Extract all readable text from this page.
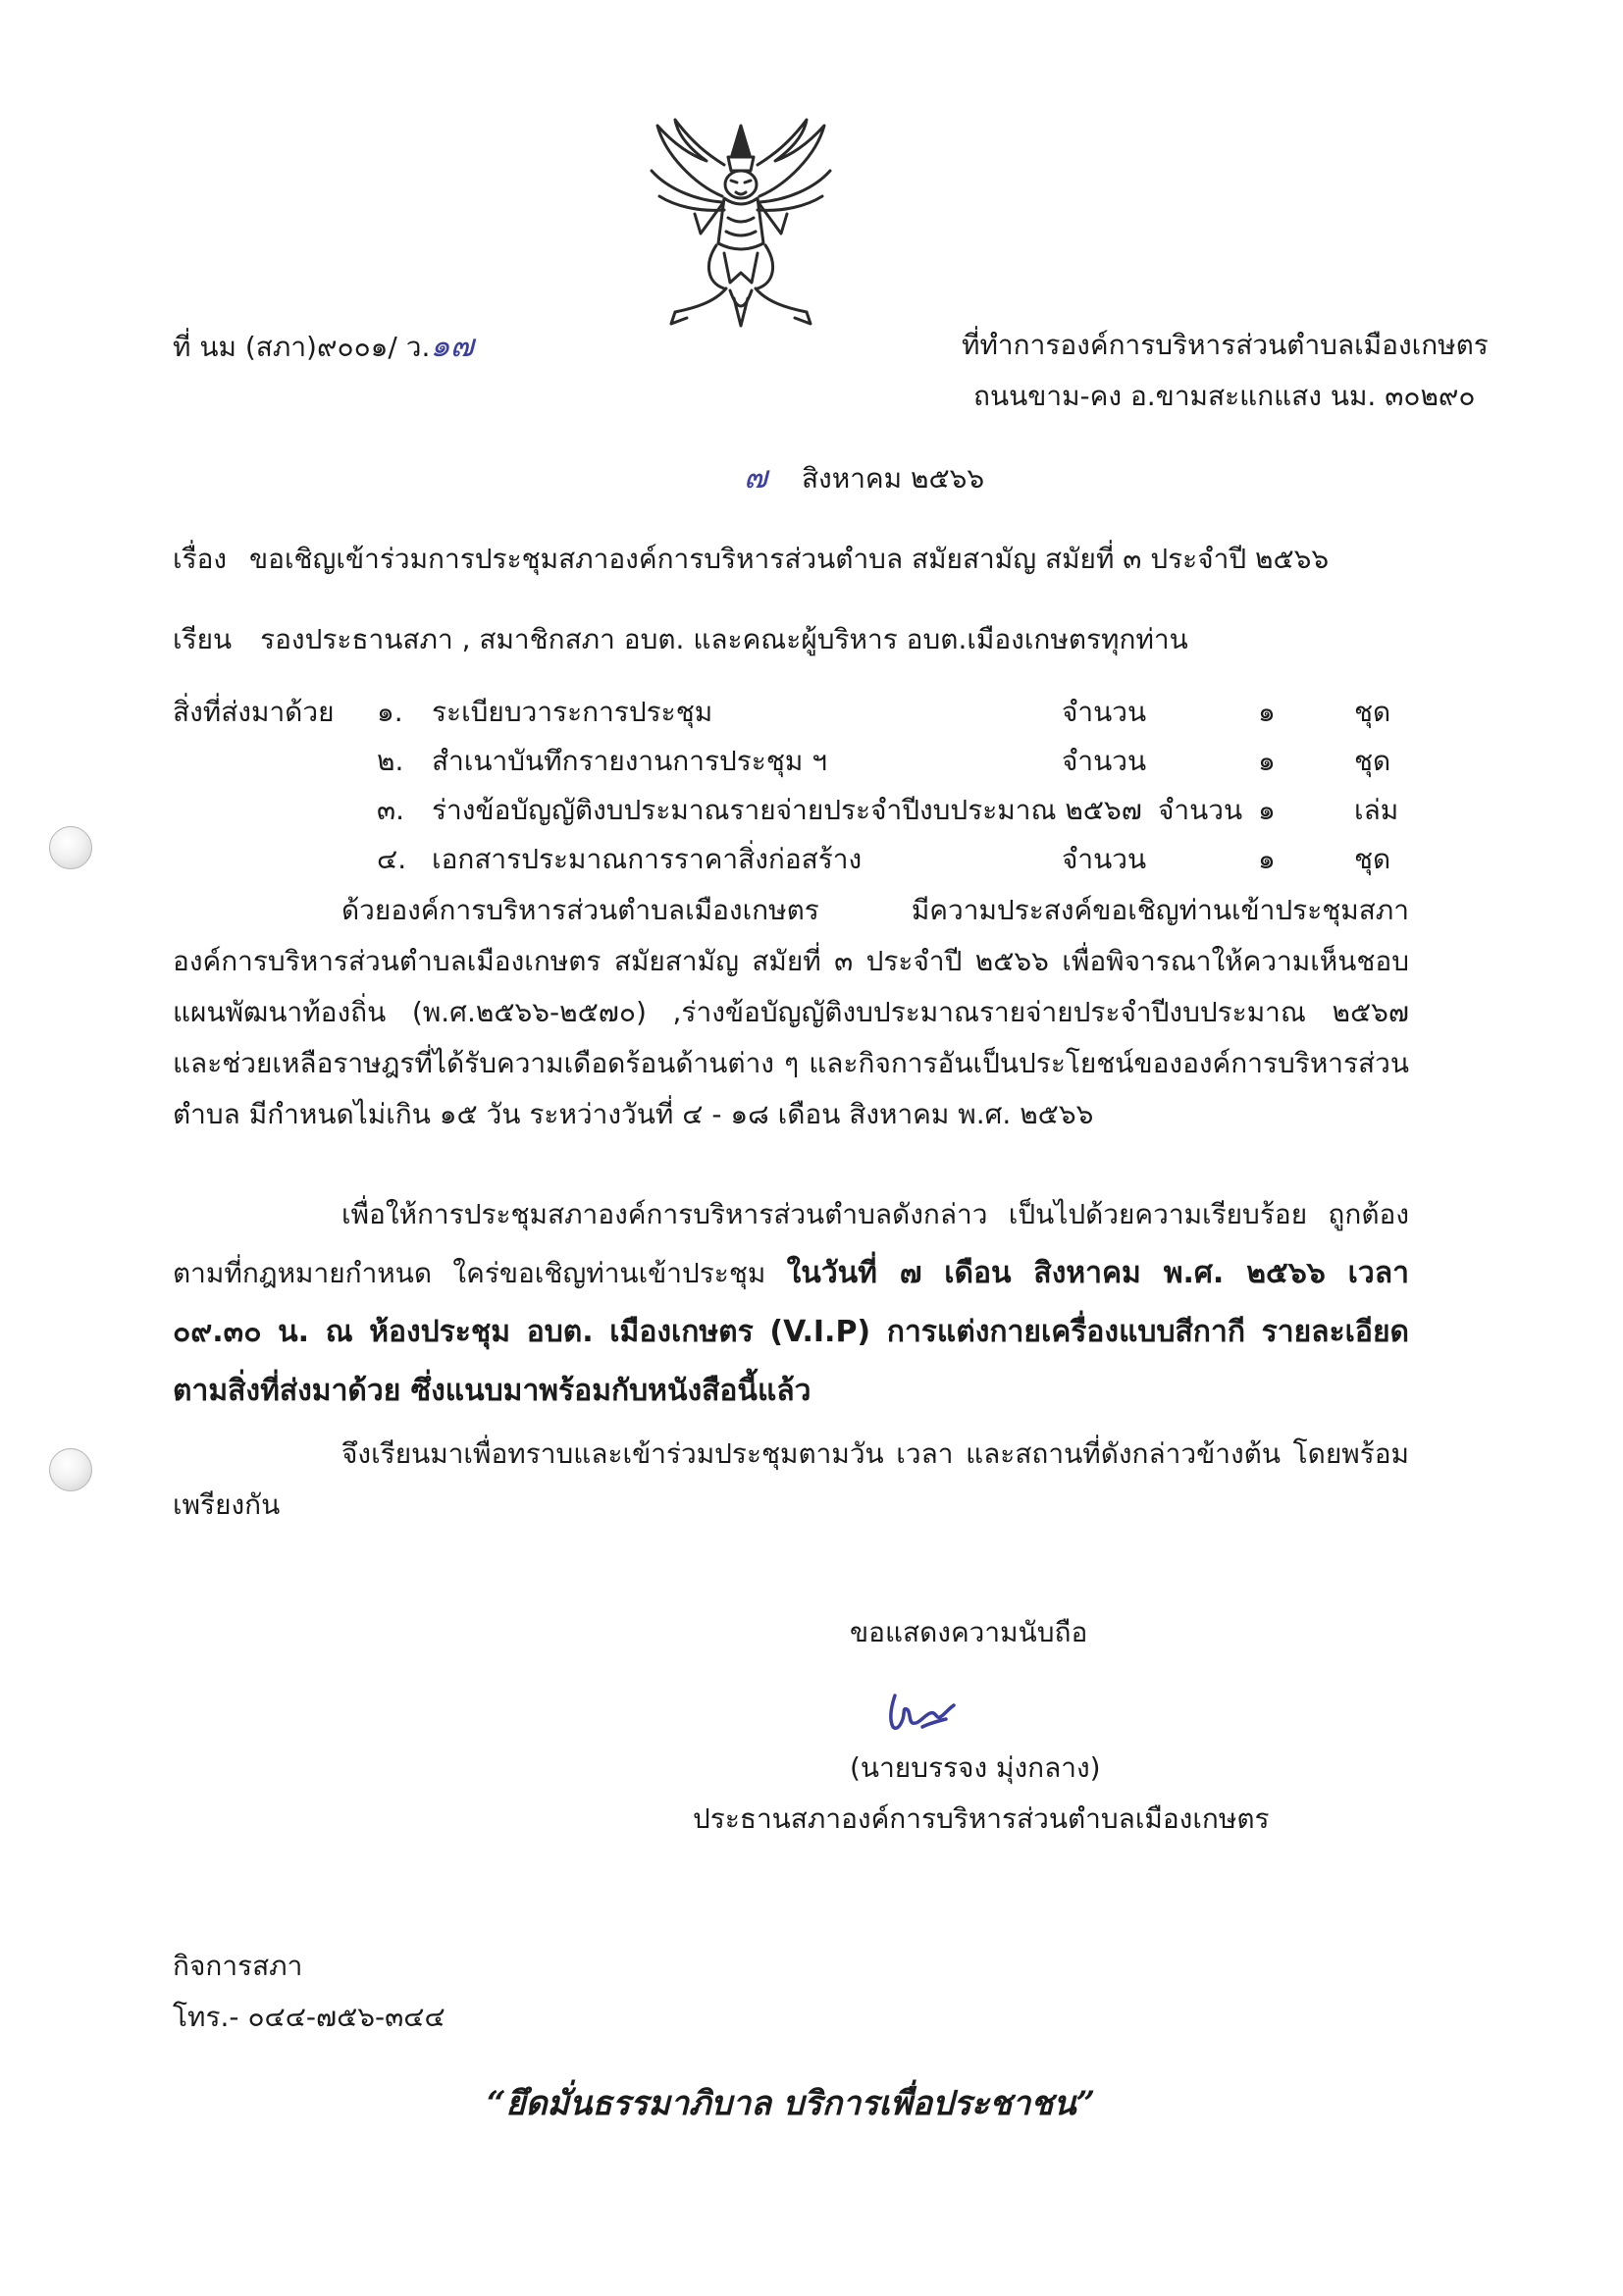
ที่ นม (สภา)๙๐๐๑/ ว.๑๗	ที่ทำการองค์การบริหารส่วนตำบลเมืองเกษตร
ถนนขาม-คง อ.ขามสะแกแสง นม. ๓๐๒๙๐
๗ สิงหาคม ๒๕๖๖
เรื่อง ขอเชิญเข้าร่วมการประชุมสภาองค์การบริหารส่วนตำบล สมัยสามัญ สมัยที่ ๓ ประจำปี ๒๕๖๖
เรียน รองประธานสภา , สมาชิกสภา อบต. และคณะผู้บริหาร อบต.เมืองเกษตรทุกท่าน
สิ่งที่ส่งมาด้วย ๑. ระเบียบวาระการประชุม	จำนวน	๑	ชุด
๒. สำเนาบันทึกรายงานการประชุม ฯ	จำนวน	๑	ชุด
๓. ร่างข้อบัญญัติงบประมาณรายจ่ายประจำปีงบประมาณ ๒๕๖๗ จำนวน ๑	เล่ม
๔. เอกสารประมาณการราคาสิ่งก่อสร้าง	จำนวน	๑	ชุด
ด้วยองค์การบริหารส่วนตำบลเมืองเกษตร มีความประสงค์ขอเชิญท่านเข้าประชุมสภาองค์การบริหารส่วนตำบลเมืองเกษตร สมัยสามัญ สมัยที่ ๓ ประจำปี ๒๕๖๖ เพื่อพิจารณาให้ความเห็นชอบแผนพัฒนาท้องถิ่น (พ.ศ.๒๕๖๖-๒๕๗๐) ,ร่างข้อบัญญัติงบประมาณรายจ่ายประจำปีงบประมาณ ๒๕๖๗ และช่วยเหลือราษฎรที่ได้รับความเดือดร้อนด้านต่าง ๆ และกิจการอันเป็นประโยชน์ขององค์การบริหารส่วนตำบล มีกำหนดไม่เกิน ๑๕ วัน ระหว่างวันที่ ๔ - ๑๘ เดือน สิงหาคม พ.ศ. ๒๕๖๖
เพื่อให้การประชุมสภาองค์การบริหารส่วนตำบลดังกล่าว เป็นไปด้วยความเรียบร้อย ถูกต้องตามที่กฎหมายกำหนด ใคร่ขอเชิญท่านเข้าประชุม ในวันที่ ๗ เดือน สิงหาคม พ.ศ. ๒๕๖๖ เวลา ๐๙.๓๐ น. ณ ห้องประชุม อบต. เมืองเกษตร (V.I.P) การแต่งกายเครื่องแบบสีกากี รายละเอียดตามสิ่งที่ส่งมาด้วย ซึ่งแนบมาพร้อมกับหนังสือนี้แล้ว
จึงเรียนมาเพื่อทราบและเข้าร่วมประชุมตามวัน เวลา และสถานที่ดังกล่าวข้างต้น โดยพร้อมเพรียงกัน
ขอแสดงความนับถือ
(นายบรรจง มุ่งกลาง)
ประธานสภาองค์การบริหารส่วนตำบลเมืองเกษตร
กิจการสภา
โทร.- ๐๔๔-๗๕๖-๓๔๔
“ยึดมั่นธรรมาภิบาล บริการเพื่อประชาชน”
